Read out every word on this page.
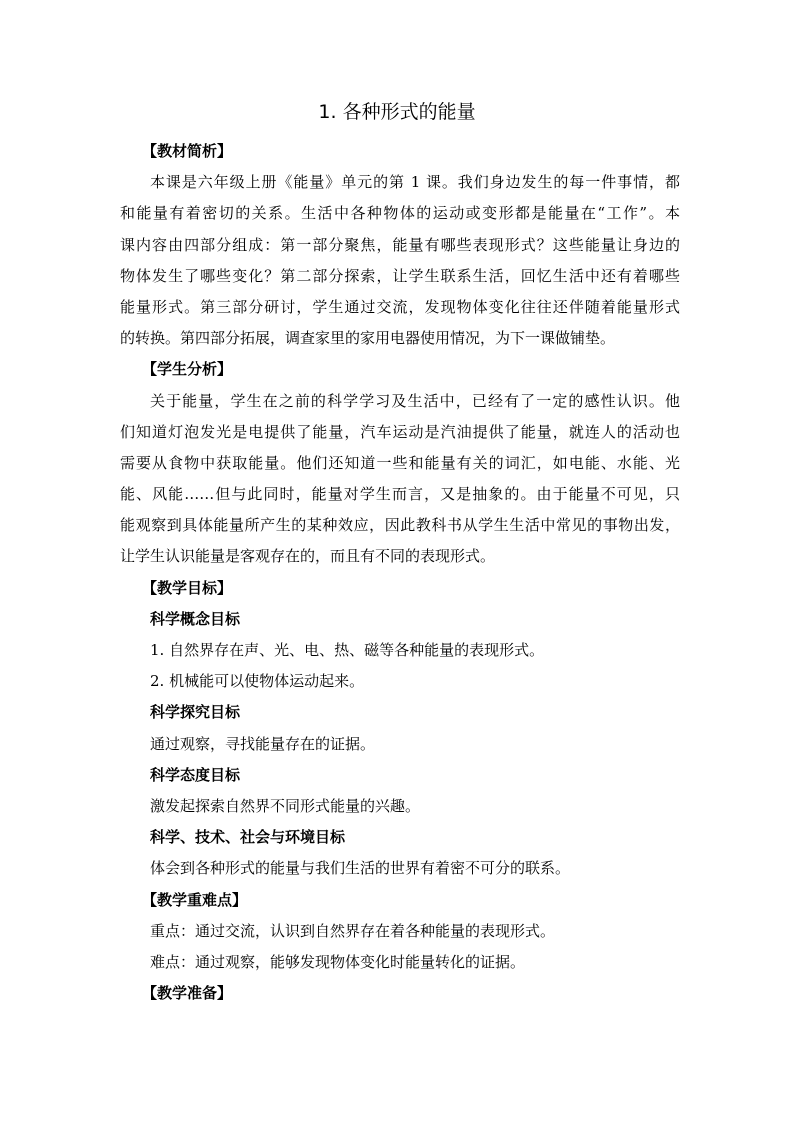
1. 各种形式的能量
【教材简析】
本课是六年级上册《能量》单元的第 1 课。我们身边发生的每一件事情，都
和能量有着密切的关系。生活中各种物体的运动或变形都是能量在“工作”。本
课内容由四部分组成：第一部分聚焦，能量有哪些表现形式？这些能量让身边的
物体发生了哪些变化？第二部分探索，让学生联系生活，回忆生活中还有着哪些
能量形式。第三部分研讨，学生通过交流，发现物体变化往往还伴随着能量形式
的转换。第四部分拓展，调查家里的家用电器使用情况，为下一课做铺垫。
【学生分析】
关于能量，学生在之前的科学学习及生活中，已经有了一定的感性认识。他
们知道灯泡发光是电提供了能量，汽车运动是汽油提供了能量，就连人的活动也
需要从食物中获取能量。他们还知道一些和能量有关的词汇，如电能、水能、光
能、风能……但与此同时，能量对学生而言，又是抽象的。由于能量不可见，只
能观察到具体能量所产生的某种效应，因此教科书从学生生活中常见的事物出发，
让学生认识能量是客观存在的，而且有不同的表现形式。
【教学目标】
科学概念目标
1. 自然界存在声、光、电、热、磁等各种能量的表现形式。
2. 机械能可以使物体运动起来。
科学探究目标
通过观察，寻找能量存在的证据。
科学态度目标
激发起探索自然界不同形式能量的兴趣。
科学、技术、社会与环境目标
体会到各种形式的能量与我们生活的世界有着密不可分的联系。
【教学重难点】
重点：通过交流，认识到自然界存在着各种能量的表现形式。
难点：通过观察，能够发现物体变化时能量转化的证据。
【教学准备】
